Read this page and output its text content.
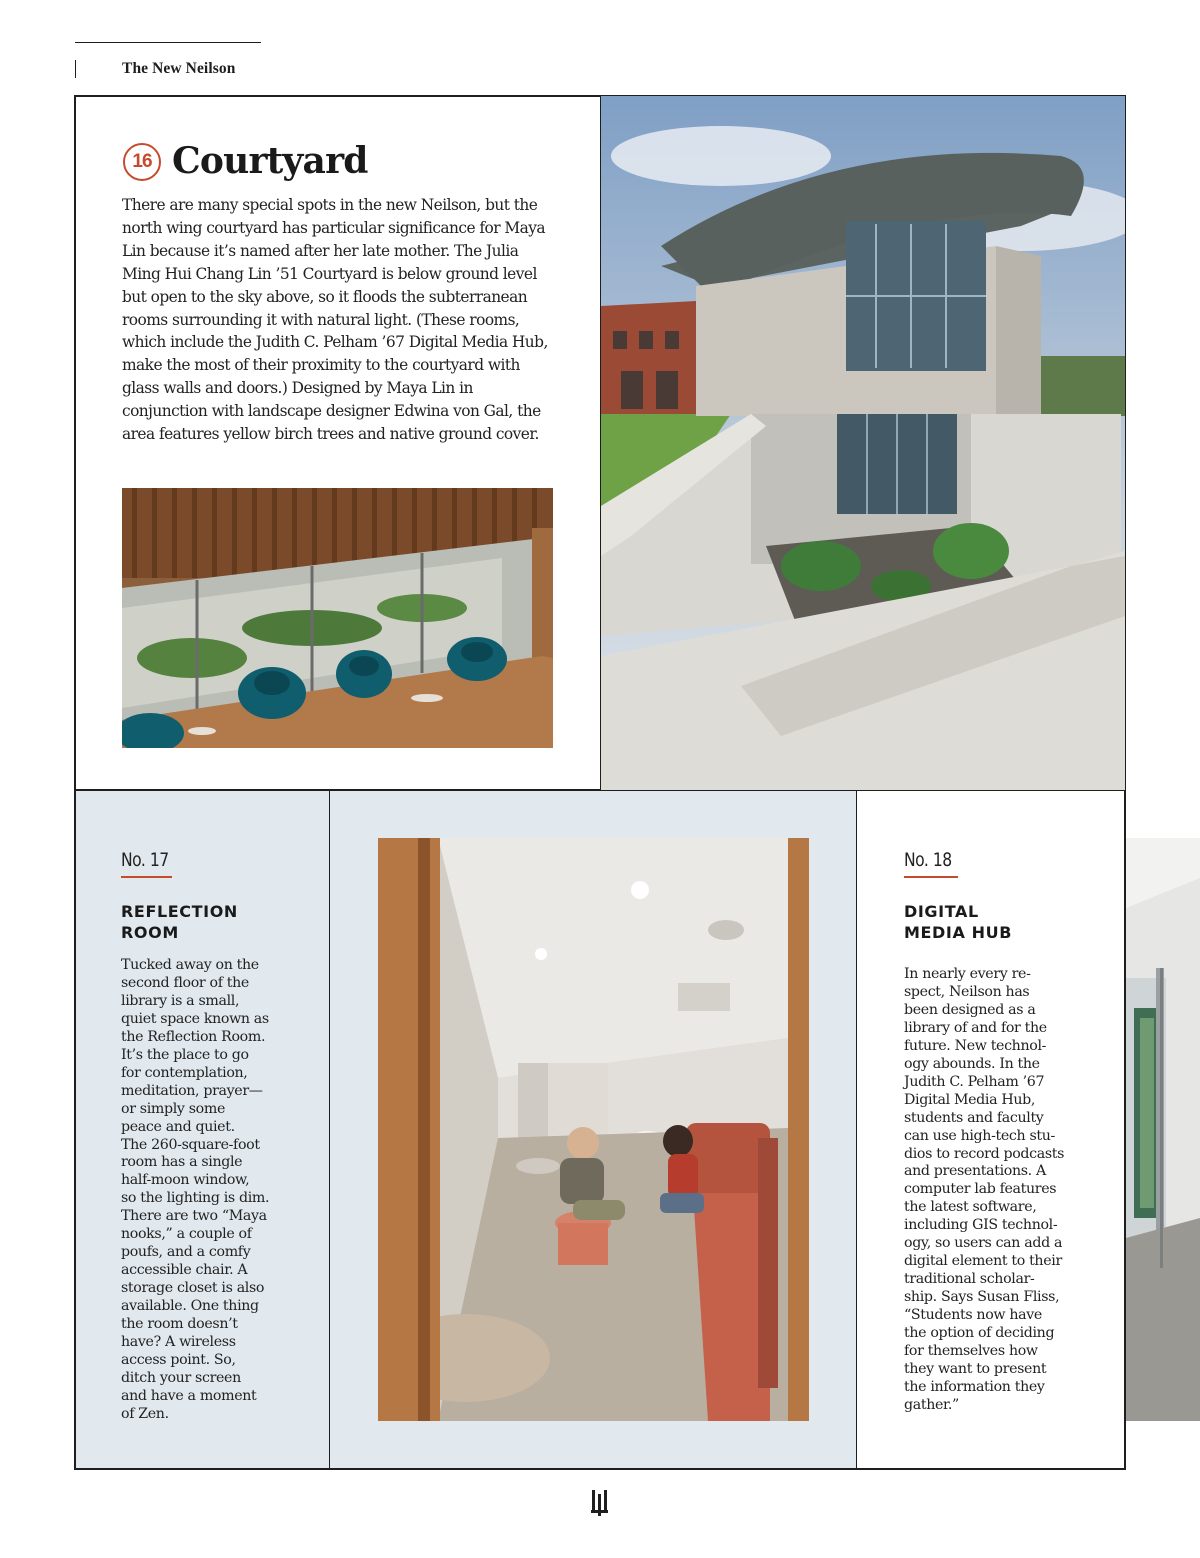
The New Neilson
16 Courtyard
There are many special spots in the new Neilson, but the north wing courtyard has particular significance for Maya Lin because it’s named after her late mother. The Julia Ming Hui Chang Lin ’51 Courtyard is below ground level but open to the sky above, so it floods the subterranean rooms surrounding it with natural light. (These rooms, which include the Judith C. Pelham ’67 Digital Media Hub, make the most of their proximity to the courtyard with glass walls and doors.) Designed by Maya Lin in conjunction with landscape designer Edwina von Gal, the area features yellow birch trees and native ground cover.
No. 17
REFLECTION ROOM
Tucked away on the
second floor of the
library is a small,
quiet space known as
the Reflection Room.
It’s the place to go
for contemplation,
meditation, prayer—
or simply some
peace and quiet.
The 260-square-foot
room has a single
half-moon window,
so the lighting is dim.
There are two “Maya
nooks,” a couple of
poufs, and a comfy
accessible chair. A
storage closet is also
available. One thing
the room doesn’t
have? A wireless
access point. So,
ditch your screen
and have a moment
of Zen.
No. 18
DIGITAL MEDIA HUB
In nearly every re-
spect, Neilson has
been designed as a
library of and for the
future. New technol-
ogy abounds. In the
Judith C. Pelham ’67
Digital Media Hub,
students and faculty
can use high-tech stu-
dios to record podcasts
and presentations. A
computer lab features
the latest software,
including GIS technol-
ogy, so users can add a
digital element to their
traditional scholar-
ship. Says Susan Fliss,
“Students now have
the option of deciding
for themselves how
they want to present
the information they
gather.”
